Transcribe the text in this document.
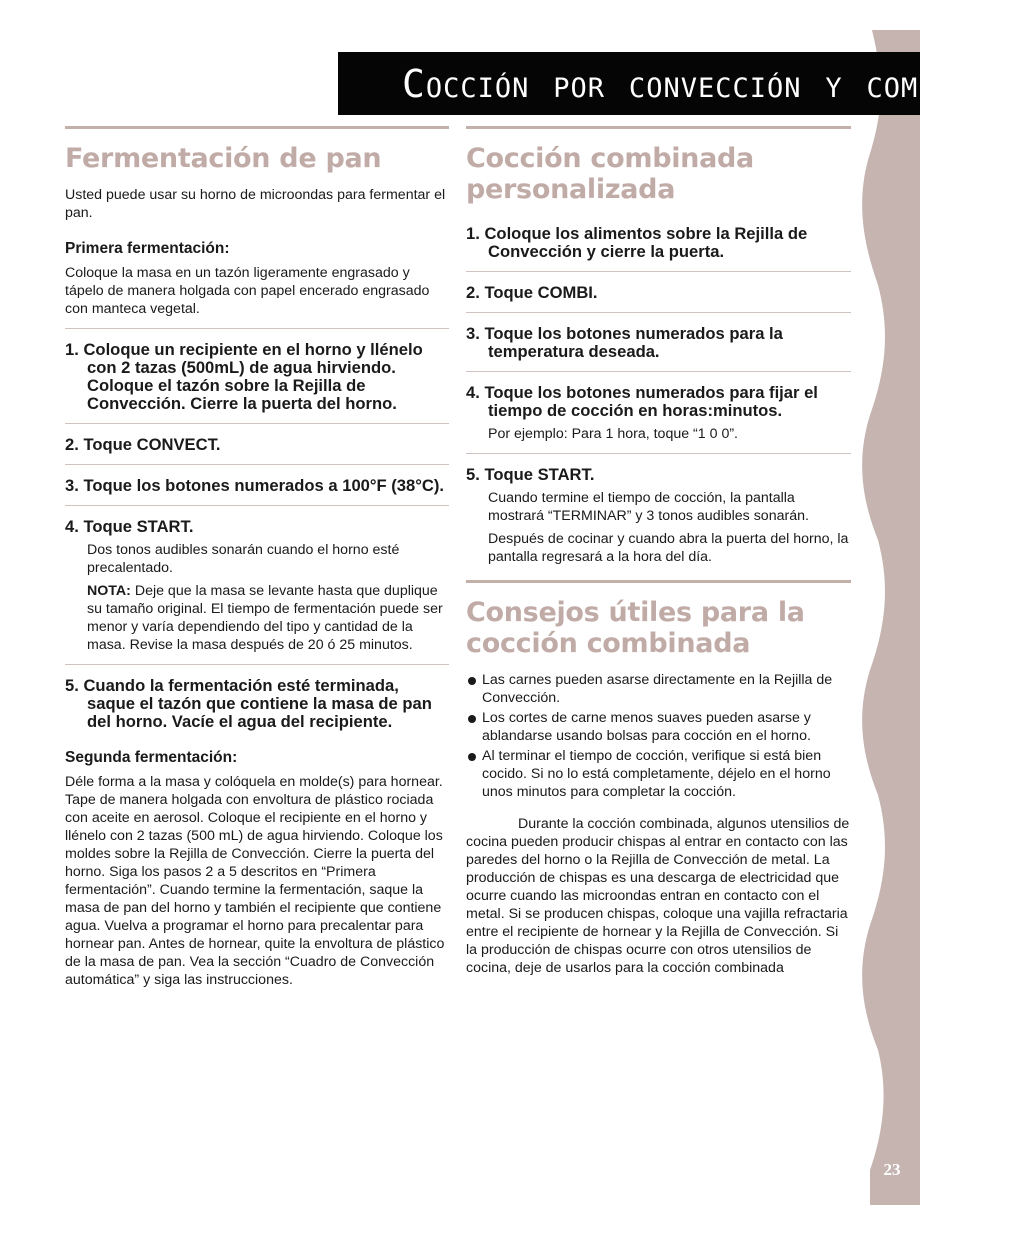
23
Cocción por convección y combinada
Fermentación de pan

Usted puede usar su horno de microondas para fermentar el pan.

Primera fermentación:

Coloque la masa en un tazón ligeramente engrasado y tápelo de manera holgada con papel encerado engrasado con manteca vegetal.

1. Coloque un recipiente en el horno y llénelo con 2 tazas (500mL) de agua hirviendo. Coloque el tazón sobre la Rejilla de Convección. Cierre la puerta del horno.

2. Toque CONVECT.

3. Toque los botones numerados a 100°F (38°C).

4. Toque START.

Dos tonos audibles sonarán cuando el horno esté precalentado.

NOTA: Deje que la masa se levante hasta que duplique su tamaño original. El tiempo de fermentación puede ser menor y varía dependiendo del tipo y cantidad de la masa. Revise la masa después de 20 ó 25 minutos.

5. Cuando la fermentación esté terminada, saque el tazón que contiene la masa de pan del horno. Vacíe el agua del recipiente.

Segunda fermentación:

Déle forma a la masa y colóquela en molde(s) para hornear. Tape de manera holgada con envoltura de plástico rociada con aceite en aerosol. Coloque el recipiente en el horno y llénelo con 2 tazas (500 mL) de agua hirviendo. Coloque los moldes sobre la Rejilla de Convección. Cierre la puerta del horno. Siga los pasos 2 a 5 descritos en “Primera fermentación”. Cuando termine la fermentación, saque la masa de pan del horno y también el recipiente que contiene agua. Vuelva a programar el horno para precalentar para hornear pan. Antes de hornear, quite la envoltura de plástico de la masa de pan. Vea la sección “Cuadro de Convección automática” y siga las instrucciones.

Cocción combinada personalizada

1. Coloque los alimentos sobre la Rejilla de Convección y cierre la puerta.

2. Toque COMBI.

3. Toque los botones numerados para la temperatura deseada.

4. Toque los botones numerados para fijar el tiempo de cocción en horas:minutos.

Por ejemplo: Para 1 hora, toque “1 0 0”.

5. Toque START.

Cuando termine el tiempo de cocción, la pantalla mostrará “TERMINAR” y 3 tonos audibles sonarán.

Después de cocinar y cuando abra la puerta del horno, la pantalla regresará a la hora del día.

Consejos útiles para la cocción combinada
Las carnes pueden asarse directamente en la Rejilla de Convección.
Los cortes de carne menos suaves pueden asarse y ablandarse usando bolsas para cocción en el horno.
Al terminar el tiempo de cocción, verifique si está bien cocido. Si no lo está completamente, déjelo en el horno unos minutos para completar la cocción.

Durante la cocción combinada, algunos utensilios de cocina pueden producir chispas al entrar en contacto con las paredes del horno o la Rejilla de Convección de metal. La producción de chispas es una descarga de electricidad que ocurre cuando las microondas entran en contacto con el metal. Si se producen chispas, coloque una vajilla refractaria entre el recipiente de hornear y la Rejilla de Convección. Si la producción de chispas ocurre con otros utensilios de cocina, deje de usarlos para la cocción combinada
